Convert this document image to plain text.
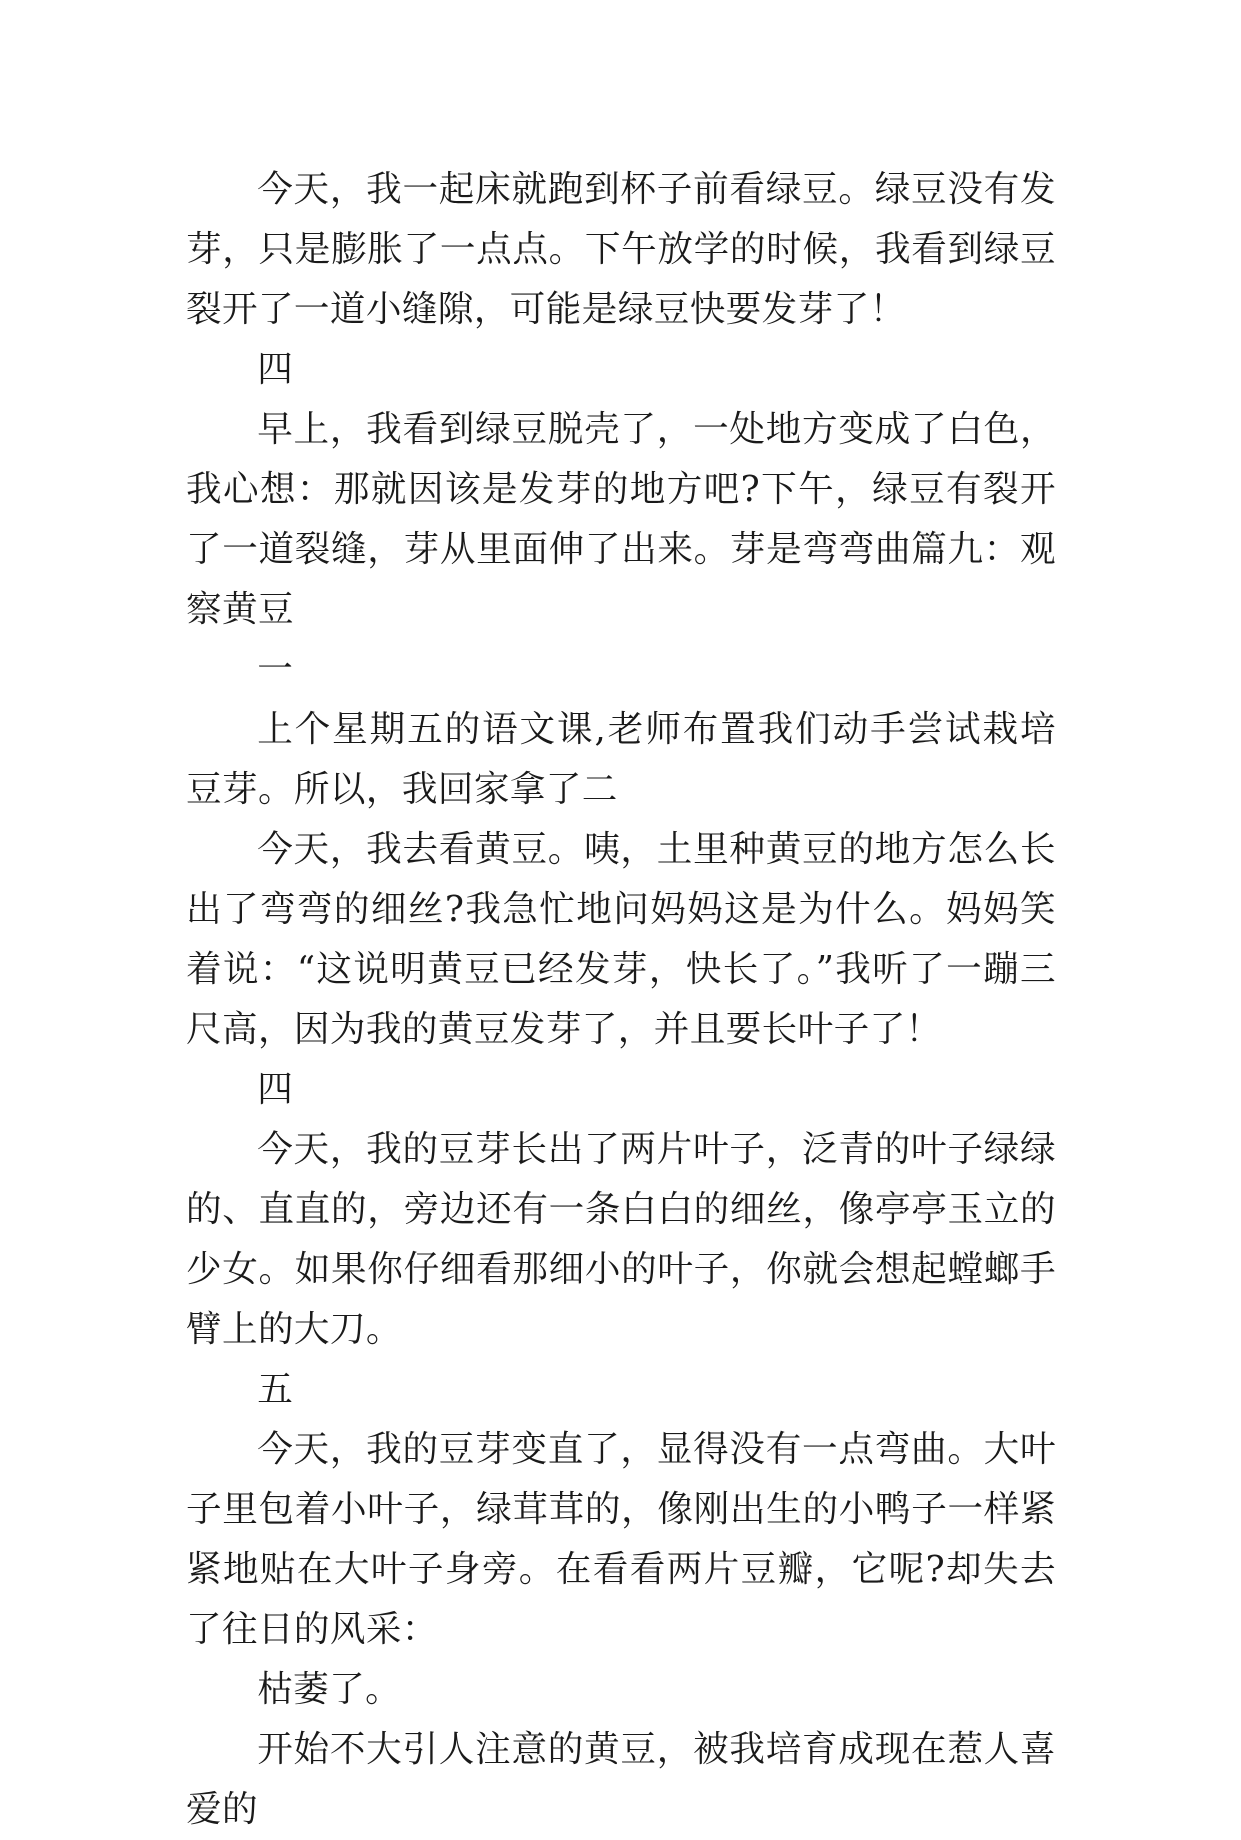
今天，我一起床就跑到杯子前看绿豆。绿豆没有发芽，只是膨胀了一点点。下午放学的时候，我看到绿豆裂开了一道小缝隙，可能是绿豆快要发芽了！

四

早上，我看到绿豆脱壳了，一处地方变成了白色，我心想：那就因该是发芽的地方吧?下午，绿豆有裂开了一道裂缝，芽从里面伸了出来。芽是弯弯曲篇九：观察黄豆

一

上个星期五的语文课,老师布置我们动手尝试栽培豆芽。所以，我回家拿了二

今天，我去看黄豆。咦，土里种黄豆的地方怎么长出了弯弯的细丝?我急忙地问妈妈这是为什么。妈妈笑着说：“这说明黄豆已经发芽，快长了。”我听了一蹦三尺高，因为我的黄豆发芽了，并且要长叶子了！

四

今天，我的豆芽长出了两片叶子，泛青的叶子绿绿的、直直的，旁边还有一条白白的细丝，像亭亭玉立的少女。如果你仔细看那细小的叶子，你就会想起螳螂手臂上的大刀。

五

今天，我的豆芽变直了，显得没有一点弯曲。大叶子里包着小叶子，绿茸茸的，像刚出生的小鸭子一样紧紧地贴在大叶子身旁。在看看两片豆瓣，它呢?却失去了往日的风采：

枯萎了。

开始不大引人注意的黄豆，被我培育成现在惹人喜爱的
